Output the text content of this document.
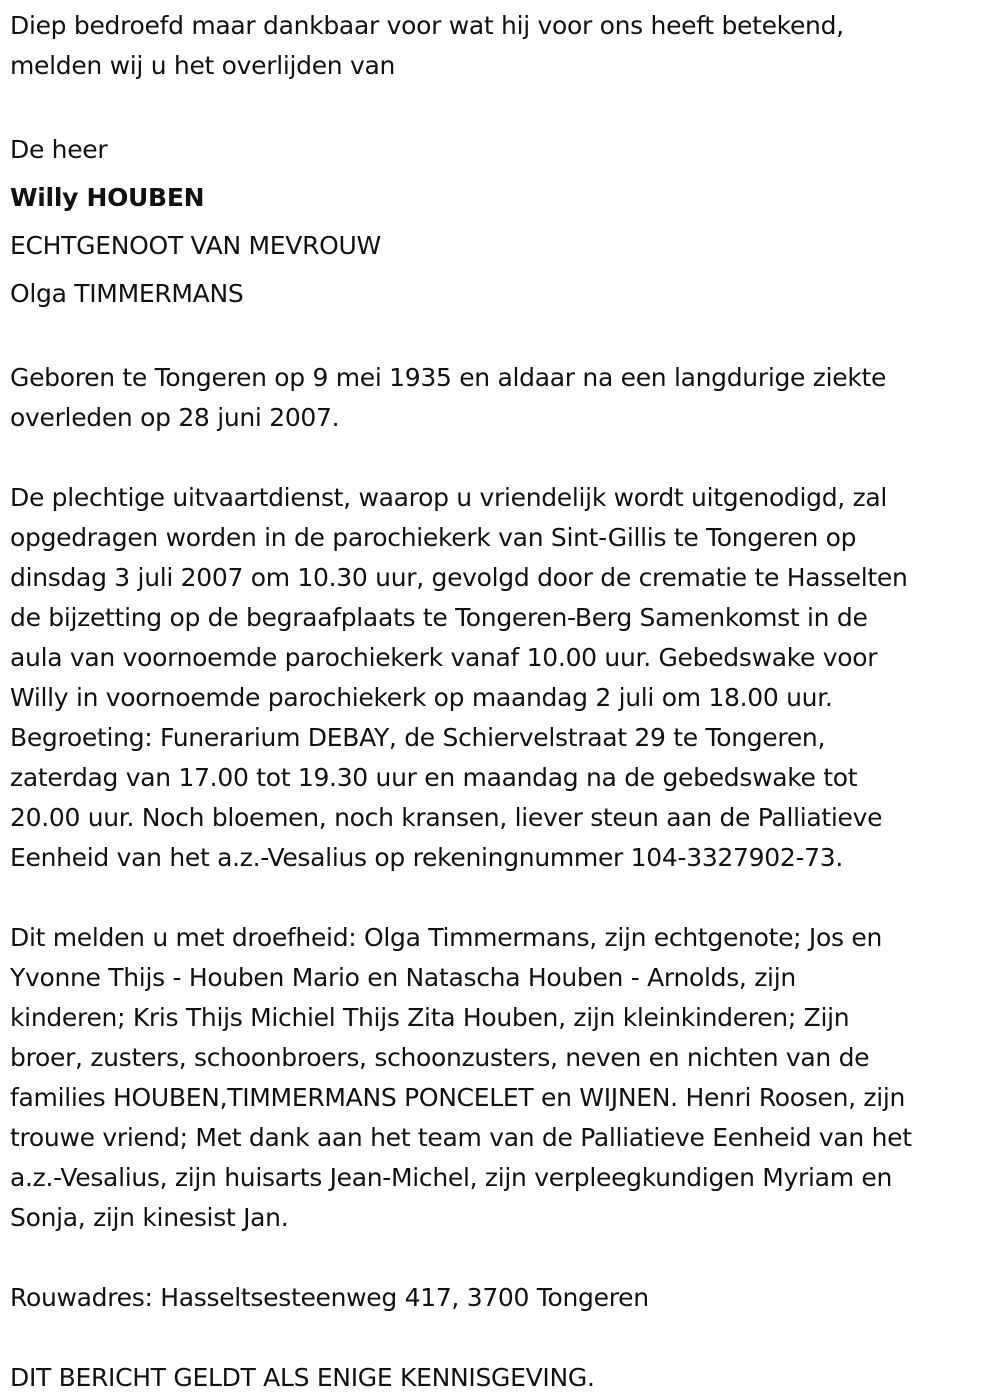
Diep bedroefd maar dankbaar voor wat hij voor ons heeft betekend,
melden wij u het overlijden van

De heer
Willy HOUBEN
ECHTGENOOT VAN MEVROUW
Olga TIMMERMANS

Geboren te Tongeren op 9 mei 1935 en aldaar na een langdurige ziekte
overleden op 28 juni 2007.

De plechtige uitvaartdienst, waarop u vriendelijk wordt uitgenodigd, zal
opgedragen worden in de parochiekerk van Sint-Gillis te Tongeren op
dinsdag 3 juli 2007 om 10.30 uur, gevolgd door de crematie te Hasselten
de bijzetting op de begraafplaats te Tongeren-Berg Samenkomst in de
aula van voornoemde parochiekerk vanaf 10.00 uur. Gebedswake voor
Willy in voornoemde parochiekerk op maandag 2 juli om 18.00 uur.
Begroeting: Funerarium DEBAY, de Schiervelstraat 29 te Tongeren,
zaterdag van 17.00 tot 19.30 uur en maandag na de gebedswake tot
20.00 uur. Noch bloemen, noch kransen, liever steun aan de Palliatieve
Eenheid van het a.z.-Vesalius op rekeningnummer 104-3327902-73.

Dit melden u met droefheid: Olga Timmermans, zijn echtgenote; Jos en
Yvonne Thijs - Houben Mario en Natascha Houben - Arnolds, zijn
kinderen; Kris Thijs Michiel Thijs Zita Houben, zijn kleinkinderen; Zijn
broer, zusters, schoonbroers, schoonzusters, neven en nichten van de
families HOUBEN,TIMMERMANS PONCELET en WIJNEN. Henri Roosen, zijn
trouwe vriend; Met dank aan het team van de Palliatieve Eenheid van het
a.z.-Vesalius, zijn huisarts Jean-Michel, zijn verpleegkundigen Myriam en
Sonja, zijn kinesist Jan.

Rouwadres: Hasseltsesteenweg 417, 3700 Tongeren

DIT BERICHT GELDT ALS ENIGE KENNISGEVING.
